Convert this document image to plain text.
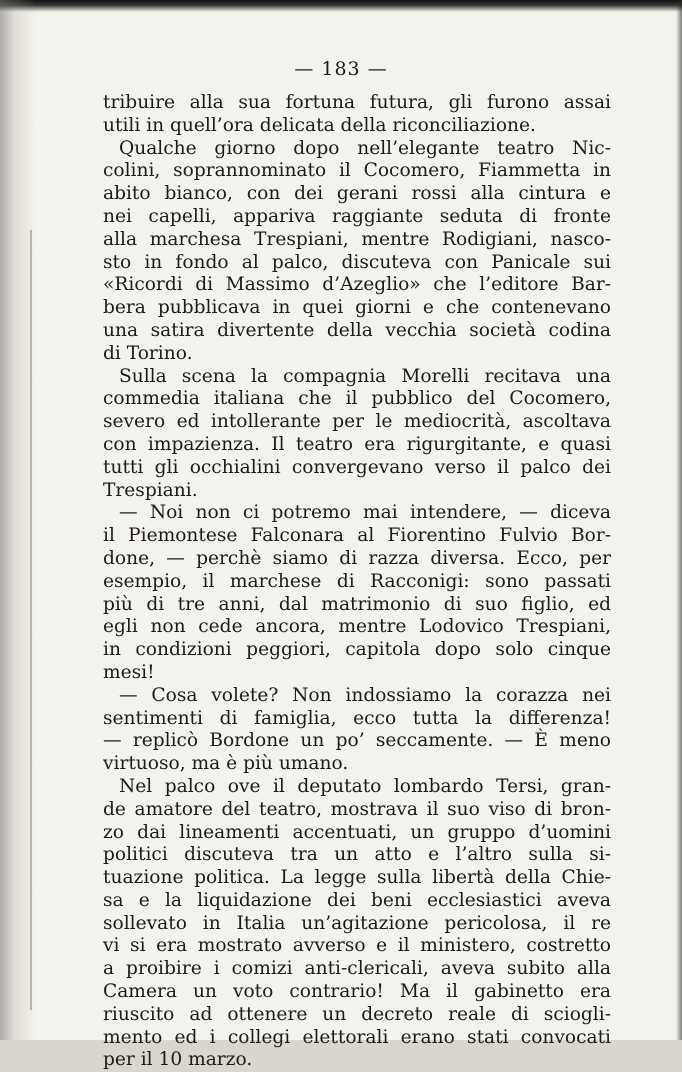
— 183 —
tribuire alla sua fortuna futura, gli furono assai
utili in quell’ora delicata della riconciliazione.
Qualche giorno dopo nell’elegante teatro Nic-
colini, soprannominato il Cocomero, Fiammetta in
abito bianco, con dei gerani rossi alla cintura e
nei capelli, appariva raggiante seduta di fronte
alla marchesa Trespiani, mentre Rodigiani, nasco-
sto in fondo al palco, discuteva con Panicale sui
«Ricordi di Massimo d’Azeglio» che l’editore Bar-
bera pubblicava in quei giorni e che contenevano
una satira divertente della vecchia società codina
di Torino.
Sulla scena la compagnia Morelli recitava una
commedia italiana che il pubblico del Cocomero,
severo ed intollerante per le mediocrità, ascoltava
con impazienza. Il teatro era rigurgitante, e quasi
tutti gli occhialini convergevano verso il palco dei
Trespiani.
— Noi non ci potremo mai intendere, — diceva
il Piemontese Falconara al Fiorentino Fulvio Bor-
done, — perchè siamo di razza diversa. Ecco, per
esempio, il marchese di Racconigi: sono passati
più di tre anni, dal matrimonio di suo figlio, ed
egli non cede ancora, mentre Lodovico Trespiani,
in condizioni peggiori, capitola dopo solo cinque
mesi!
— Cosa volete? Non indossiamo la corazza nei
sentimenti di famiglia, ecco tutta la differenza!
— replicò Bordone un po’ seccamente. — È meno
virtuoso, ma è più umano.
Nel palco ove il deputato lombardo Tersi, gran-
de amatore del teatro, mostrava il suo viso di bron-
zo dai lineamenti accentuati, un gruppo d’uomini
politici discuteva tra un atto e l’altro sulla si-
tuazione politica. La legge sulla libertà della Chie-
sa e la liquidazione dei beni ecclesiastici aveva
sollevato in Italia un’agitazione pericolosa, il re
vi si era mostrato avverso e il ministero, costretto
a proibire i comizi anti-clericali, aveva subito alla
Camera un voto contrario! Ma il gabinetto era
riuscito ad ottenere un decreto reale di sciogli-
mento ed i collegi elettorali erano stati convocati
per il 10 marzo.
